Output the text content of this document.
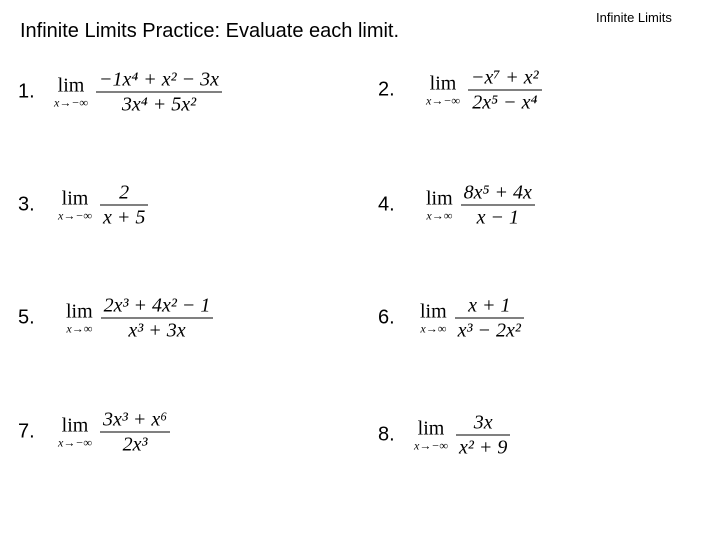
Infinite Limits Practice: Evaluate each limit.
Infinite Limits
1. lim
$x\to-\infty \frac{\text{−1x⁴ + x² − 3x}}{\text{3x⁴ + 5x²}}$	2. lim
$x\to-\infty \frac{\text{−x⁷ + x²}}{\text{2x⁵ − x⁴}}$
3. lim
$x\to-\infty \frac{2}{x + 5}$	4. lim
$x\to\infty \frac{\text{8x⁵ + 4x}}{x - 1}$
5. lim
$x\to\infty \frac{\text{2x³ + 4x² − 1}}{\text{x³ + 3x}}$	6. lim
$x\to\infty \frac{x + 1}{\text{x³ − 2x²}}$
7. lim
$x\to-\infty \frac{\text{3x³ + x⁶}}{\text{2x³}}$	8. lim
$x\to-\infty \frac{3x}{\text{x² + 9}}$
